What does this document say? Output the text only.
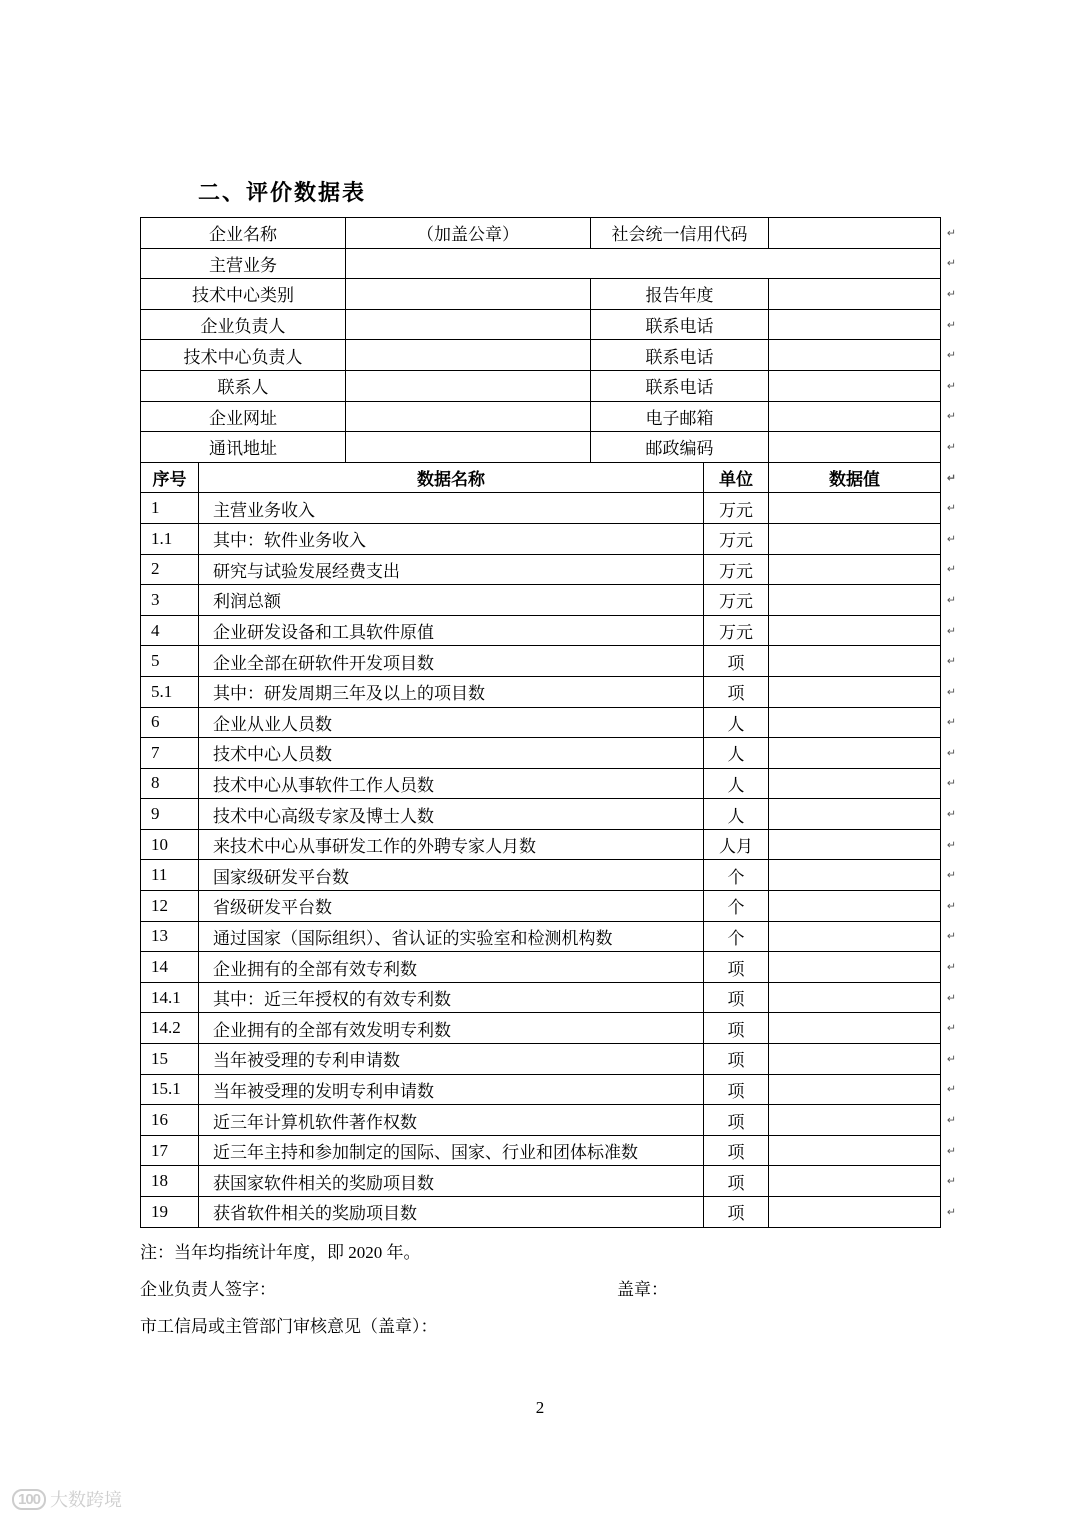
二、评价数据表
企业名称	（加盖公章）	社会统一信用代码	↵

主营业务	↵		

技术中心类别		报告年度	↵

企业负责人		联系电话	↵

技术中心负责人		联系电话	↵

联系人		联系电话	↵

企业网址		电子邮箱	↵

通讯地址		邮政编码	↵
序号	数据名称	单位	数据值 ↵

1	主营业务收入	万元	↵

1.1	其中：软件业务收入	万元	↵

2	研究与试验发展经费支出	万元	↵

3	利润总额	万元	↵

4	企业研发设备和工具软件原值	万元	↵

5	企业全部在研软件开发项目数	项	↵

5.1	其中：研发周期三年及以上的项目数	项	↵

6	企业从业人员数	人	↵

7	技术中心人员数	人	↵

8	技术中心从事软件工作人员数	人	↵

9	技术中心高级专家及博士人数	人	↵

10	来技术中心从事研发工作的外聘专家人月数	人月	↵

11	国家级研发平台数	个	↵

12	省级研发平台数	个	↵

13	通过国家（国际组织）、省认证的实验室和检测机构数	个	↵

14	企业拥有的全部有效专利数	项	↵

14.1	其中：近三年授权的有效专利数	项	↵

14.2	企业拥有的全部有效发明专利数	项	↵

15	当年被受理的专利申请数	项	↵

15.1	当年被受理的发明专利申请数	项	↵

16	近三年计算机软件著作权数	项	↵

17	近三年主持和参加制定的国际、国家、行业和团体标准数	项	↵

18	获国家软件相关的奖励项目数	项	↵

19	获省软件相关的奖励项目数	项	↵
注：当年均指统计年度，即 2020 年。
企业负责人签字：	盖章：
市工信局或主管部门审核意见（盖章）：
2
100 大数跨境
